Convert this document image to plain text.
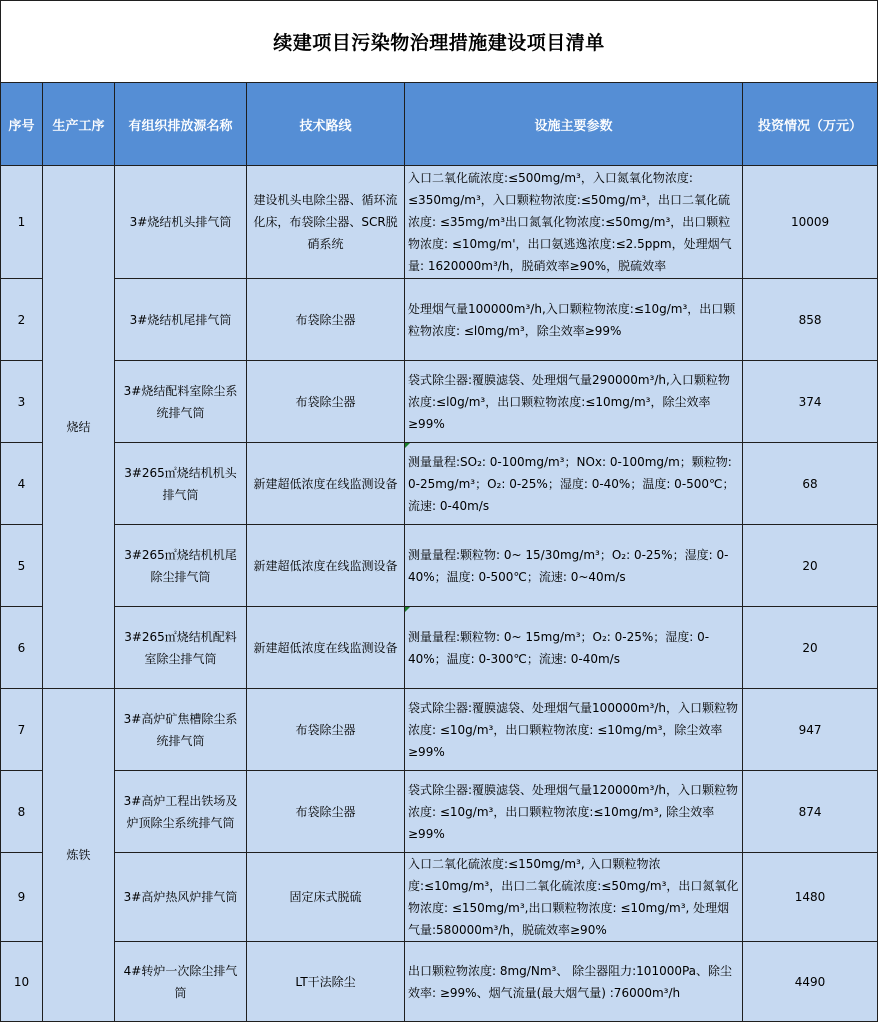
续建项目污染物治理措施建设项目清单					
序号	生产工序	有组织排放源名称	技术路线	设施主要参数	投资情况（万元）
1	烧结	3#烧结机头排气筒	建设机头电除尘器、循环流化床，布袋除尘器、SCR脱硝系统	入口二氧化硫浓度:≤500mg/m³，入口氮氧化物浓度: ≤350mg/m³，入口颗粒物浓度:≤50mg/m³，出口二氧化硫浓度: ≤35mg/m³出口氮氧化物浓度:≤50mg/m³，出口颗粒物浓度: ≤10mg/m'，出口氨逃逸浓度:≤2.5ppm，处理烟气量: 1620000m³/h，脱硝效率≥90%，脱硫效率	10009
2		3#烧结机尾排气筒	布袋除尘器	处理烟气量100000m³/h,入口颗粒物浓度:≤10g/m³，出口颗粒物浓度: ≤l0mg/m³，除尘效率≥99%	858
3		3#烧结配料室除尘系统排气筒	布袋除尘器	袋式除尘器:覆膜滤袋、处理烟气量290000m³/h,入口颗粒物浓度:≤l0g/m³，出口颗粒物浓度:≤10mg/m³，除尘效率≥99%	374
4		3#265㎡烧结机机头排气筒	新建超低浓度在线监测设备	测量量程:SO₂: 0-100mg/m³；NOx: 0-100mg/m；颗粒物: 0-25mg/m³；O₂: 0-25%；湿度: 0-40%；温度: 0-500℃；流速: 0-40m/s	68
5		3#265㎡烧结机机尾除尘排气筒	新建超低浓度在线监测设备	测量量程:颗粒物: 0~ 15/30mg/m³；O₂: 0-25%；湿度: 0-40%；温度: 0-500℃；流速: 0~40m/s	20
6		3#265㎡烧结机配料室除尘排气筒	新建超低浓度在线监测设备	测量量程:颗粒物: 0~ 15mg/m³；O₂: 0-25%；湿度: 0-40%；温度: 0-300℃；流速: 0-40m/s	20
7	炼铁	3#高炉矿焦槽除尘系统排气筒	布袋除尘器	袋式除尘器:覆膜滤袋、处理烟气量100000m³/h，入口颗粒物浓度: ≤10g/m³，出口颗粒物浓度: ≤10mg/m³，除尘效率≥99%	947
8		3#高炉工程出铁场及炉顶除尘系统排气筒	布袋除尘器	袋式除尘器:覆膜滤袋、处理烟气量120000m³/h，入口颗粒物浓度: ≤10g/m³，出口颗粒物浓度:≤10mg/m³, 除尘效率≥99%	874
9		3#高炉热风炉排气筒	固定床式脱硫	入口二氧化硫浓度:≤150mg/m³, 入口颗粒物浓度:≤10mg/m³，出口二氧化硫浓度:≤50mg/m³，出口氮氧化物浓度: ≤150mg/m³,出口颗粒物浓度: ≤10mg/m³, 处理烟气量:580000m³/h，脱硫效率≥90%	1480
10		4#转炉一次除尘排气筒	LT干法除尘	出口颗粒物浓度: 8mg/Nm³、 除尘器阻力:101000Pa、除尘效率: ≥99%、烟气流量(最大烟气量) :76000m³/h	4490
